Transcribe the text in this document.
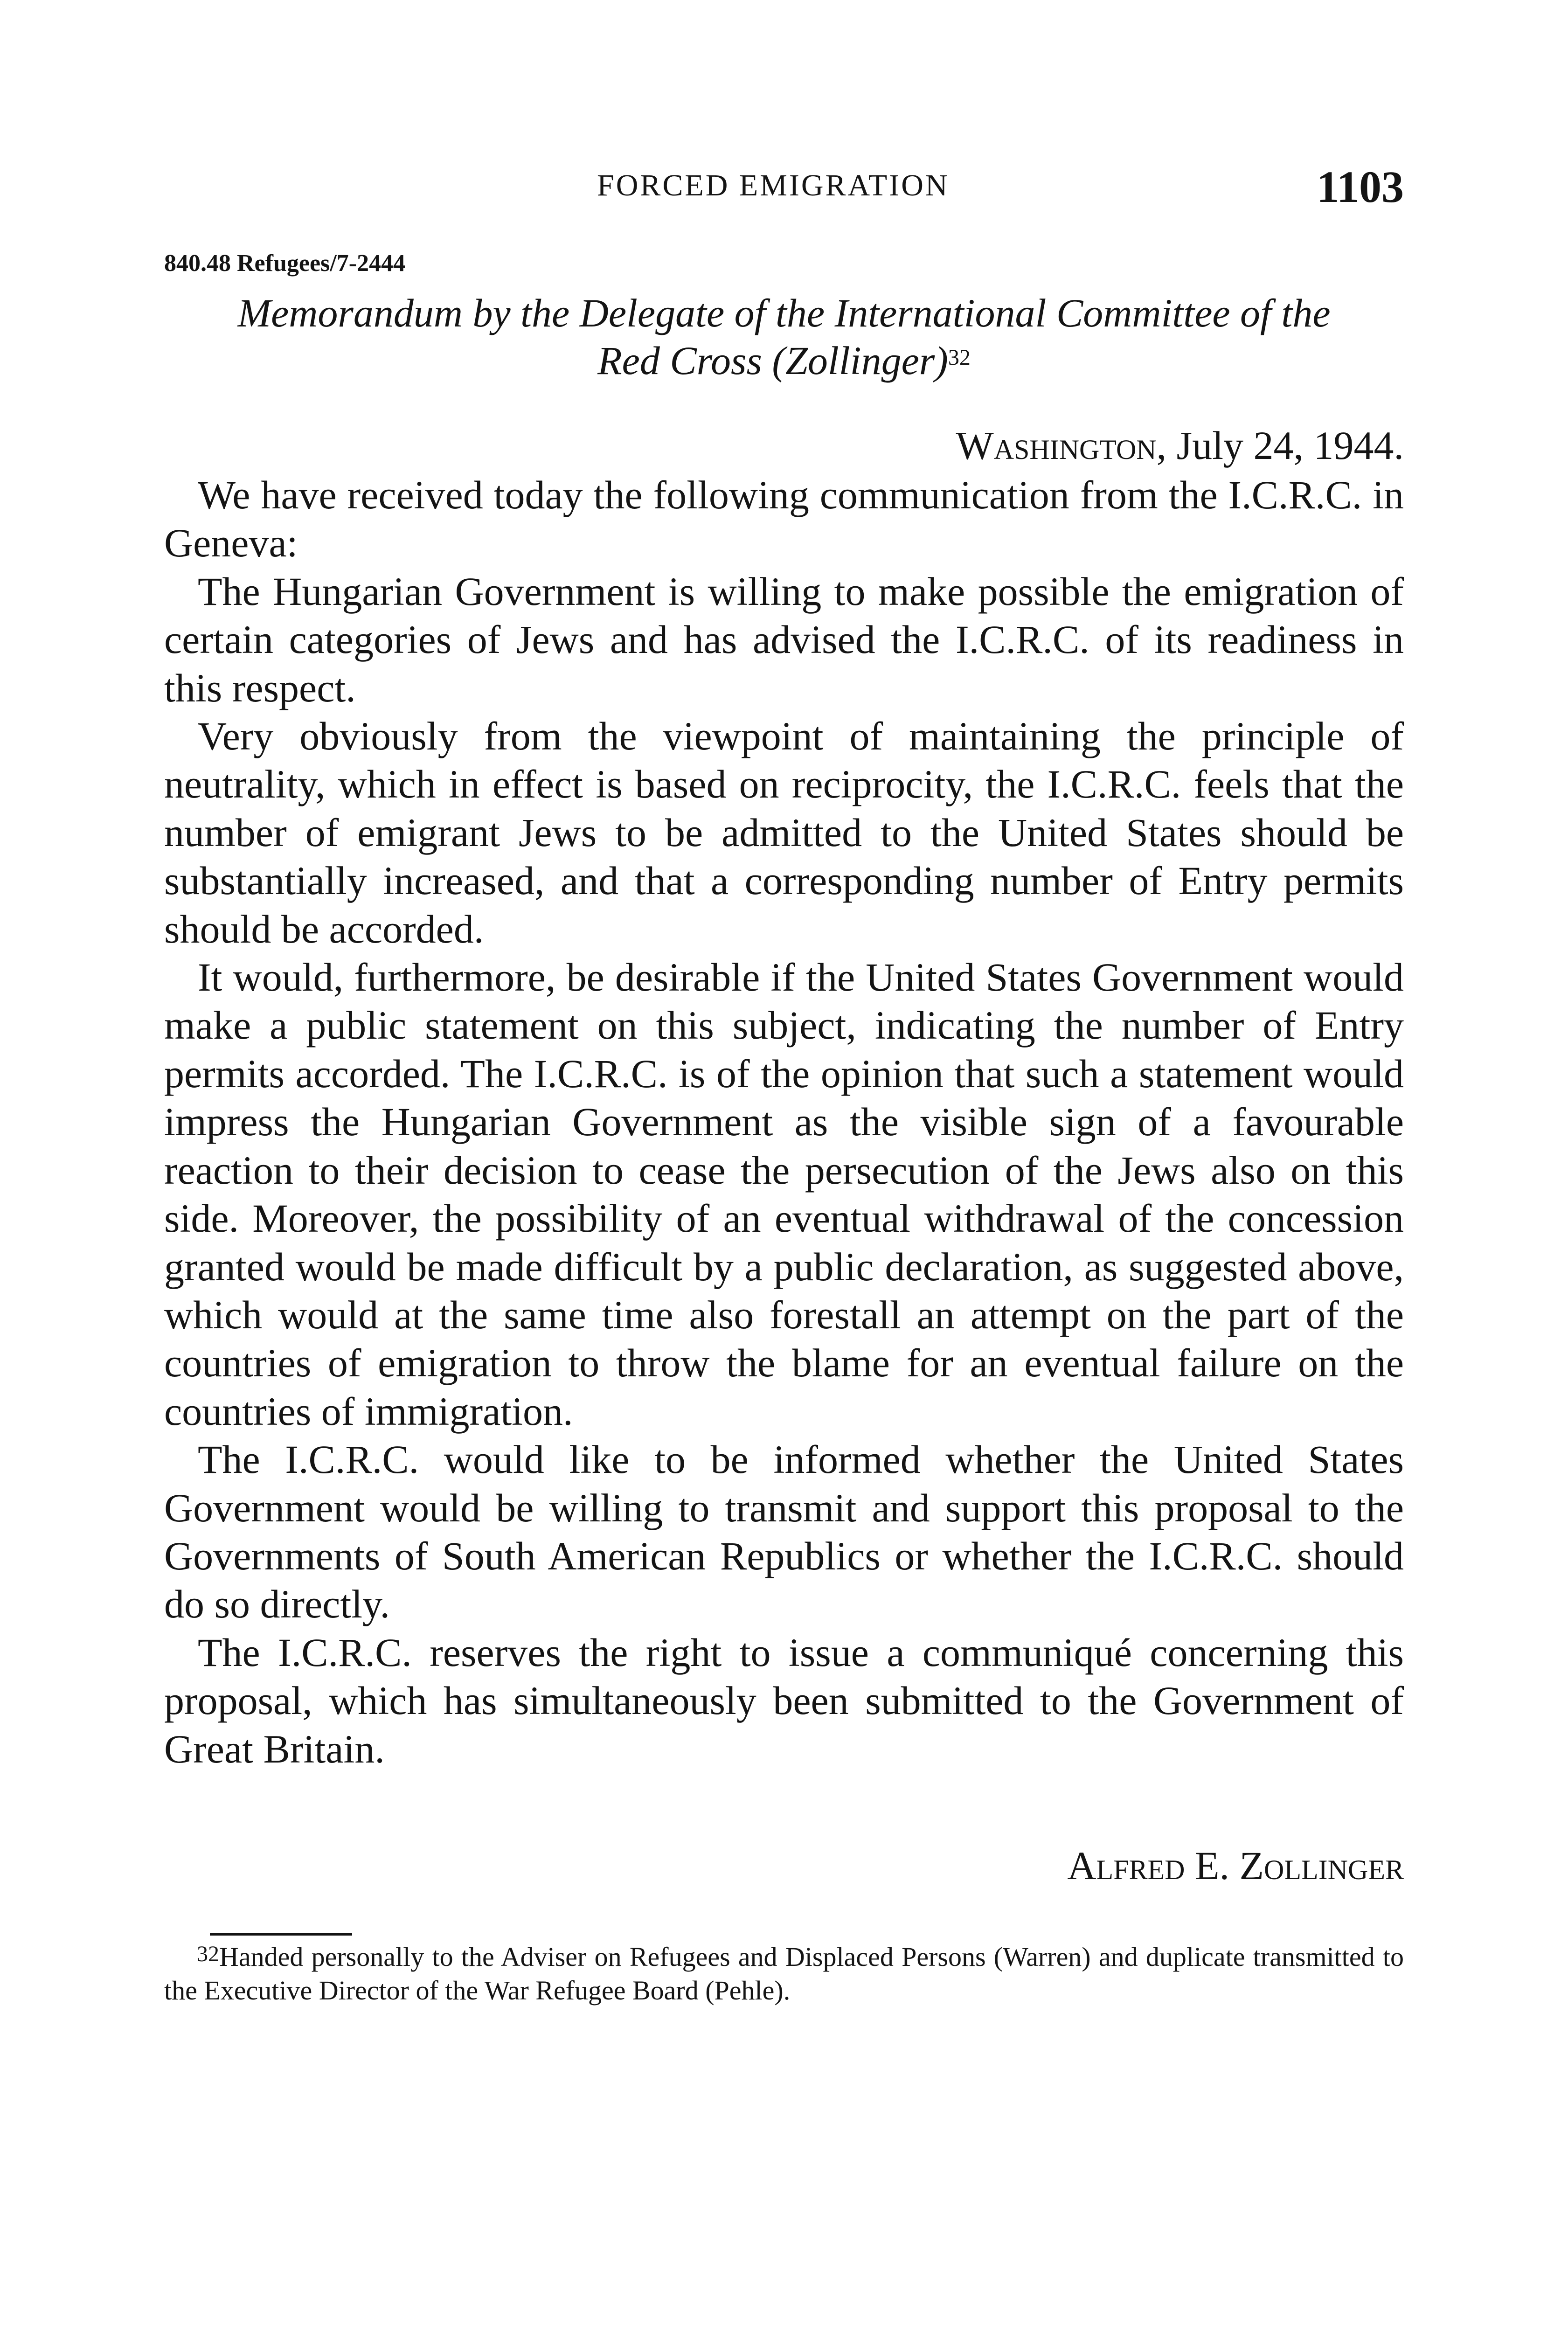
FORCED EMIGRATION	1103
840.48 Refugees/7-2444
Memorandum by the Delegate of the International Committee of the
Red Cross (Zollinger)$^{32}$
Washington, July 24, 1944.

We have received today the following communication from the I.C.R.C. in Geneva:

The Hungarian Government is willing to make possible the emigration of certain categories of Jews and has advised the I.C.R.C. of its readiness in this respect.

Very obviously from the viewpoint of maintaining the principle of neutrality, which in effect is based on reciprocity, the I.C.R.C. feels that the number of emigrant Jews to be admitted to the United States should be substantially increased, and that a corresponding number of Entry permits should be accorded.

It would, furthermore, be desirable if the United States Government would make a public statement on this subject, indicating the number of Entry permits accorded. The I.C.R.C. is of the opinion that such a statement would impress the Hungarian Government as the visible sign of a favourable reaction to their decision to cease the persecution of the Jews also on this side. Moreover, the possibility of an eventual withdrawal of the concession granted would be made difficult by a public declaration, as suggested above, which would at the same time also forestall an attempt on the part of the countries of emigration to throw the blame for an eventual failure on the countries of immigration.

The I.C.R.C. would like to be informed whether the United States Government would be willing to transmit and support this proposal to the Governments of South American Republics or whether the I.C.R.C. should do so directly.

The I.C.R.C. reserves the right to issue a communiqué concerning this proposal, which has simultaneously been submitted to the Government of Great Britain.

Alfred E. Zollinger

$^{32}$Handed personally to the Adviser on Refugees and Displaced Persons (Warren) and duplicate transmitted to the Executive Director of the War Refugee Board (Pehle).
